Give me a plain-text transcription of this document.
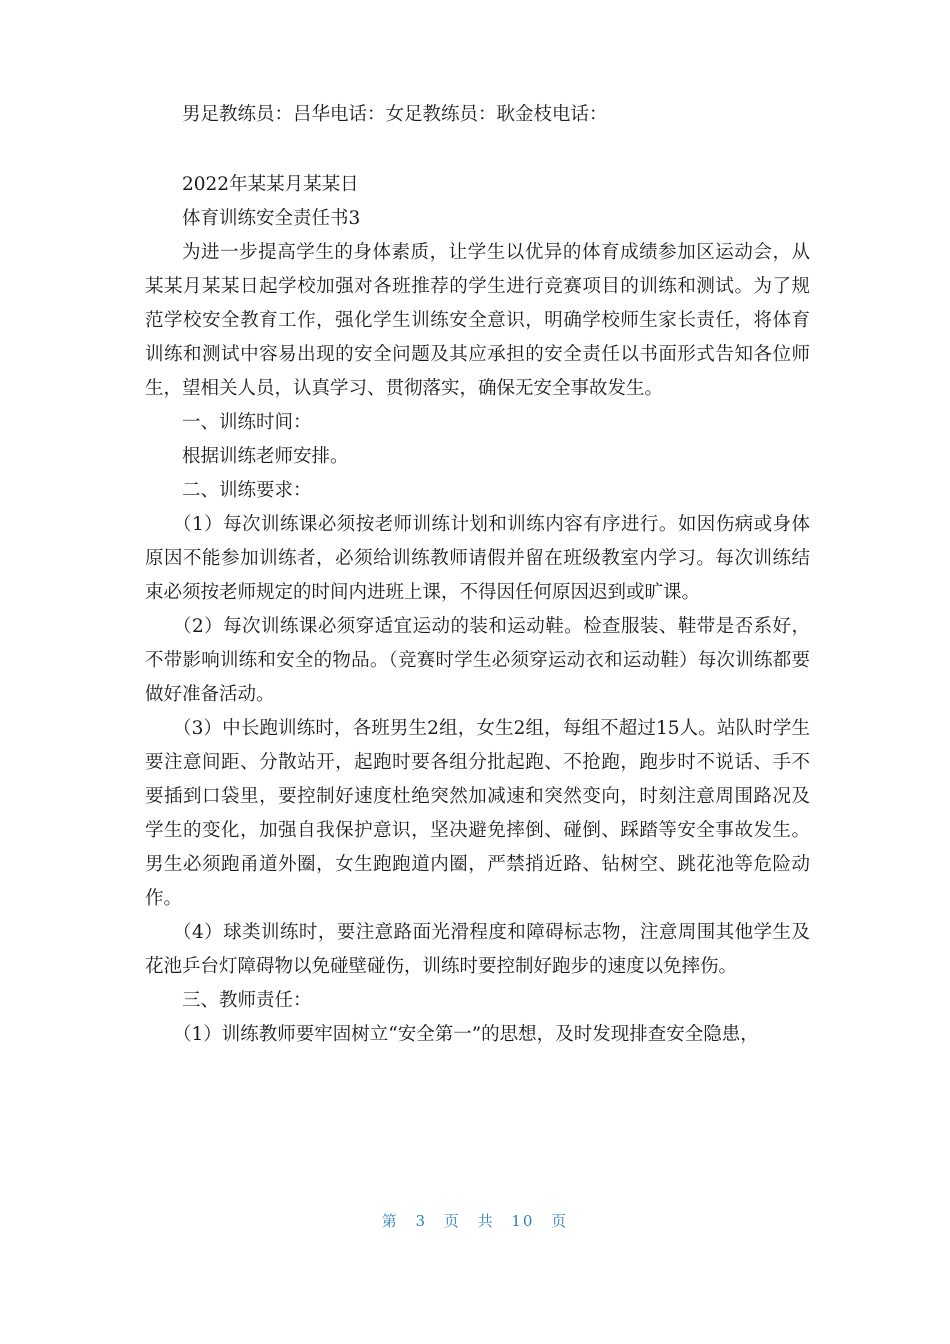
男足教练员：吕华电话：女足教练员：耿金枝电话：

2022年某某月某某日

体育训练安全责任书3

为进一步提高学生的身体素质，让学生以优异的体育成绩参加区运动会，从某某月某某日起学校加强对各班推荐的学生进行竞赛项目的训练和测试。为了规范学校安全教育工作，强化学生训练安全意识，明确学校师生家长责任，将体育训练和测试中容易出现的安全问题及其应承担的安全责任以书面形式告知各位师生，望相关人员，认真学习、贯彻落实，确保无安全事故发生。

一、训练时间：

根据训练老师安排。

二、训练要求：

（1）每次训练课必须按老师训练计划和训练内容有序进行。如因伤病或身体原因不能参加训练者，必须给训练教师请假并留在班级教室内学习。每次训练结束必须按老师规定的时间内进班上课，不得因任何原因迟到或旷课。

（2）每次训练课必须穿适宜运动的装和运动鞋。检查服装、鞋带是否系好，不带影响训练和安全的物品。（竞赛时学生必须穿运动衣和运动鞋）每次训练都要做好准备活动。

（3）中长跑训练时，各班男生2组，女生2组，每组不超过15人。站队时学生要注意间距、分散站开，起跑时要各组分批起跑、不抢跑，跑步时不说话、手不要插到口袋里，要控制好速度杜绝突然加减速和突然变向，时刻注意周围路况及学生的变化，加强自我保护意识，坚决避免摔倒、碰倒、踩踏等安全事故发生。男生必须跑甬道外圈，女生跑跑道内圈，严禁捎近路、钻树空、跳花池等危险动作。

（4）球类训练时，要注意路面光滑程度和障碍标志物，注意周围其他学生及花池乒台灯障碍物以免碰壁碰伤，训练时要控制好跑步的速度以免摔伤。

三、教师责任：

（1）训练教师要牢固树立“安全第一”的思想，及时发现排查安全隐患，

第 3 页 共 10 页
